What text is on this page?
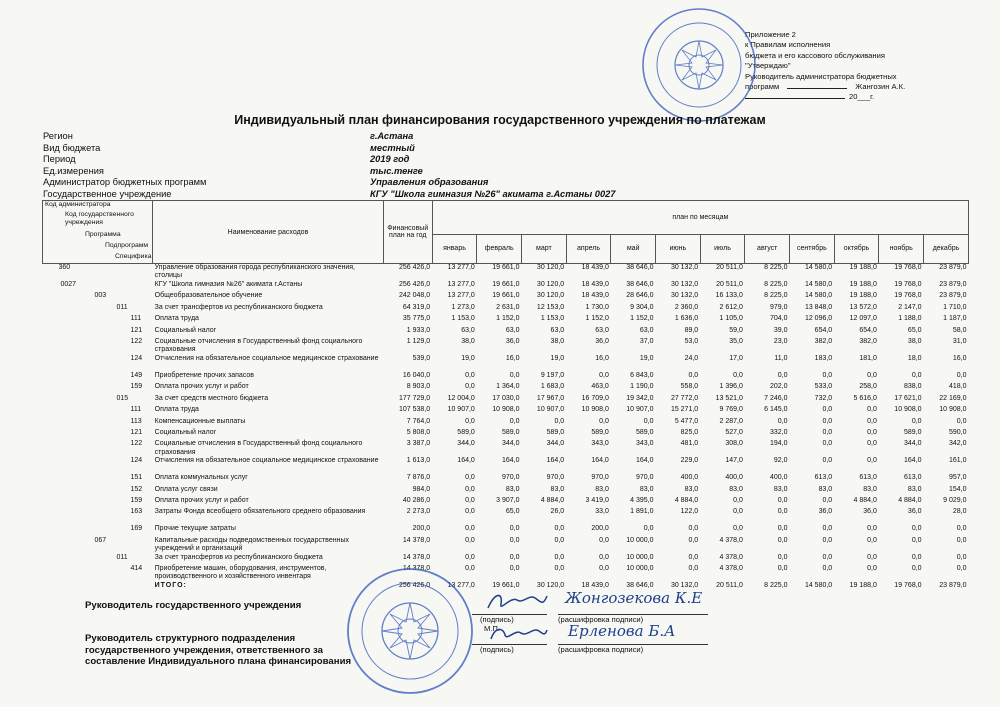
Приложение 2
к Правилам исполнения
бюджета и его кассового обслуживания
"Утверждаю"
Руководитель администратора бюджетных
программ	Жангозин А.К.
20___г.
Индивидуальный план финансирования государственного учреждения по платежам
Регион	г.Астана
Вид бюджета	местный
Период	2019 год
Ед.измерения	тыс.тенге
Администратор бюджетных программ	Управления образования
Государственное учреждение	КГУ "Школа гимназия №26" акимата г.Астаны 0027
Код администратора
Код государственного учреждения
Программа
Подпрограмм
Специфика	Наименование расходов	Финансовый план на год	план по месяцам											
			январь	февраль	март	апрель	май	июнь	июль	август	сентябрь	октябрь	ноябрь	декабрь
360	Управление образования города республиканского значения, столицы	256 426,0	13 277,0	19 661,0	30 120,0	18 439,0	38 646,0	30 132,0	20 511,0	8 225,0	14 580,0	19 188,0	19 768,0	23 879,0
0027	КГУ "Школа гимназия №26" акимата г.Астаны	256 426,0	13 277,0	19 661,0	30 120,0	18 439,0	38 646,0	30 132,0	20 511,0	8 225,0	14 580,0	19 188,0	19 768,0	23 879,0
003	Общеобразовательное обучение	242 048,0	13 277,0	19 661,0	30 120,0	18 439,0	28 646,0	30 132,0	16 133,0	8 225,0	14 580,0	19 188,0	19 768,0	23 879,0
011	За счет трансфертов из республиканского бюджета	64 319,0	1 273,0	2 631,0	12 153,0	1 730,0	9 304,0	2 360,0	2 612,0	979,0	13 848,0	13 572,0	2 147,0	1 710,0
111	Оплата труда	35 775,0	1 153,0	1 152,0	1 153,0	1 152,0	1 152,0	1 636,0	1 105,0	704,0	12 096,0	12 097,0	1 188,0	1 187,0
121	Социальный налог	1 933,0	63,0	63,0	63,0	63,0	63,0	89,0	59,0	39,0	654,0	654,0	65,0	58,0
122	Социальные отчисления в Государственный фонд социального страхования	1 129,0	38,0	36,0	38,0	36,0	37,0	53,0	35,0	23,0	382,0	382,0	38,0	31,0
124	Отчисления на обязательное социальное медицинское страхование	539,0	19,0	16,0	19,0	16,0	19,0	24,0	17,0	11,0	183,0	181,0	18,0	16,0
149	Приобретение прочих запасов	16 040,0	0,0	0,0	9 197,0	0,0	6 843,0	0,0	0,0	0,0	0,0	0,0	0,0	0,0
159	Оплата прочих услуг и работ	8 903,0	0,0	1 364,0	1 683,0	463,0	1 190,0	558,0	1 396,0	202,0	533,0	258,0	838,0	418,0
015	За счет средств местного бюджета	177 729,0	12 004,0	17 030,0	17 967,0	16 709,0	19 342,0	27 772,0	13 521,0	7 246,0	732,0	5 616,0	17 621,0	22 169,0
111	Оплата труда	107 538,0	10 907,0	10 908,0	10 907,0	10 908,0	10 907,0	15 271,0	9 769,0	6 145,0	0,0	0,0	10 908,0	10 908,0
113	Компенсационные выплаты	7 764,0	0,0	0,0	0,0	0,0	0,0	5 477,0	2 287,0	0,0	0,0	0,0	0,0	0,0
121	Социальный налог	5 808,0	589,0	589,0	589,0	589,0	589,0	825,0	527,0	332,0	0,0	0,0	589,0	590,0
122	Социальные отчисления в Государственный фонд социального страхования	3 387,0	344,0	344,0	344,0	343,0	343,0	481,0	308,0	194,0	0,0	0,0	344,0	342,0
124	Отчисления на обязательное социальное медицинское страхование	1 613,0	164,0	164,0	164,0	164,0	164,0	229,0	147,0	92,0	0,0	0,0	164,0	161,0
151	Оплата коммунальных услуг	7 876,0	0,0	970,0	970,0	970,0	970,0	400,0	400,0	400,0	613,0	613,0	613,0	957,0
152	Оплата услуг связи	984,0	0,0	83,0	83,0	83,0	83,0	83,0	83,0	83,0	83,0	83,0	83,0	154,0
159	Оплата прочих услуг и работ	40 286,0	0,0	3 907,0	4 884,0	3 419,0	4 395,0	4 884,0	0,0	0,0	0,0	4 884,0	4 884,0	9 029,0
163	Затраты Фонда всеобщего обязательного среднего образования	2 273,0	0,0	65,0	26,0	33,0	1 891,0	122,0	0,0	0,0	36,0	36,0	36,0	28,0
169	Прочие текущие затраты	200,0	0,0	0,0	0,0	200,0	0,0	0,0	0,0	0,0	0,0	0,0	0,0	0,0
067	Капитальные расходы подведомственных государственных учреждений и организаций	14 378,0	0,0	0,0	0,0	0,0	10 000,0	0,0	4 378,0	0,0	0,0	0,0	0,0	0,0
011	За счет трансфертов из республиканского бюджета	14 378,0	0,0	0,0	0,0	0,0	10 000,0	0,0	4 378,0	0,0	0,0	0,0	0,0	0,0
414	Приобретение машин, оборудования, инструментов, производственного и хозяйственного инвентаря	14 378,0	0,0	0,0	0,0	0,0	10 000,0	0,0	4 378,0	0,0	0,0	0,0	0,0	0,0
	ИТОГО:	256 426,0	13 277,0	19 661,0	30 120,0	18 439,0	38 646,0	30 132,0	20 511,0	8 225,0	14 580,0	19 188,0	19 768,0	23 879,0
Руководитель государственного учреждения	Жонгозекова К.Е
(подпись)	(расшифровка подписи)
М.П.
Руководитель структурного подразделения
государственного учреждения, ответственного за
составление Индивидуального плана финансирования
Ерленова Б.А
(подпись)	(расшифровка подписи)
